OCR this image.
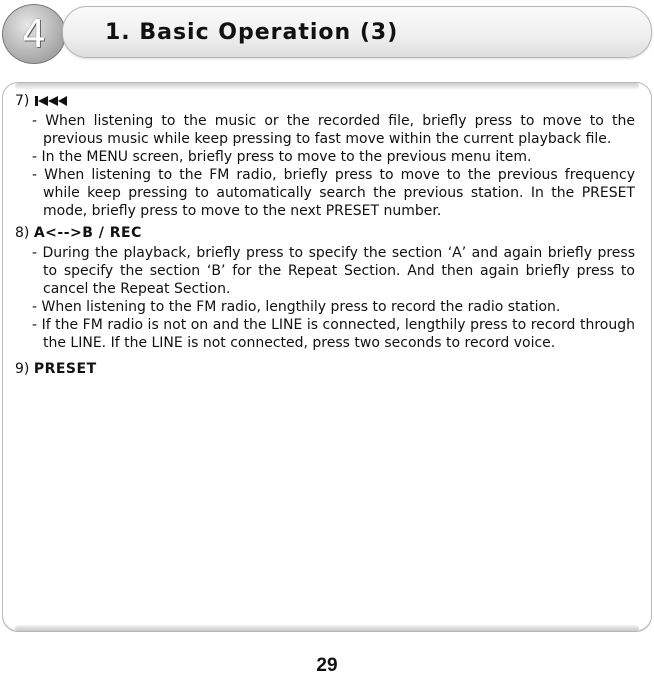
4	1. Basic Operation (3)
7)
- When listening to the music or the recorded file, briefly press to move to the previous music while keep pressing to fast move within the current playback file.
- In the MENU screen, briefly press to move to the previous menu item.
- When listening to the FM radio, briefly press to move to the previous frequency while keep pressing to automatically search the previous station. In the PRESET mode, briefly press to move to the next PRESET number.
8) A<-->B / REC
- During the playback, briefly press to specify the section ‘A’ and again briefly press to specify the section ‘B’ for the Repeat Section. And then again briefly press to cancel the Repeat Section.
- When listening to the FM radio, lengthily press to record the radio station.
- If the FM radio is not on and the LINE is connected, lengthily press to record through the LINE. If the LINE is not connected, press two seconds to record voice.
9) PRESET
29
